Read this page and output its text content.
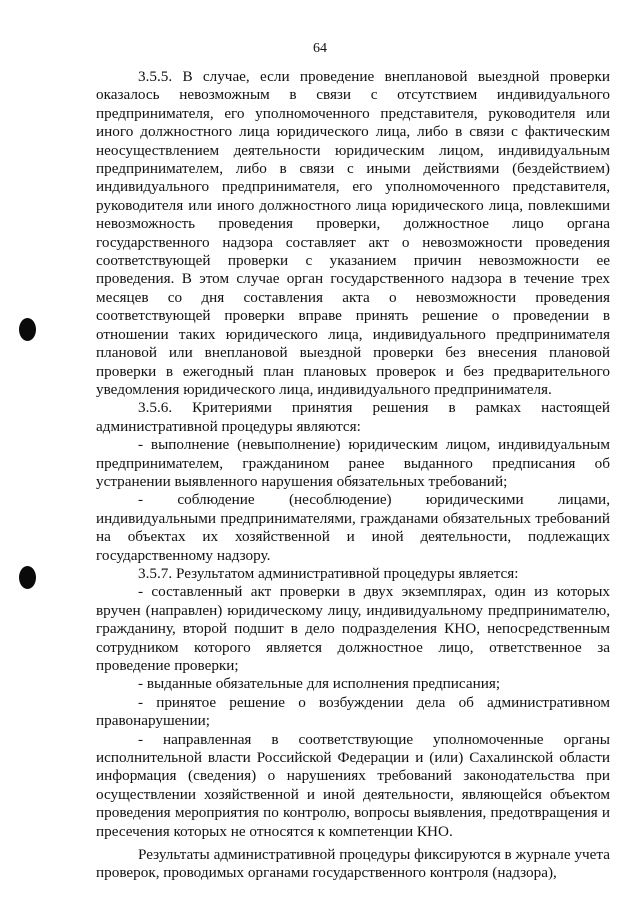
64

3.5.5. В случае, если проведение внеплановой выездной проверки оказалось невозможным в связи с отсутствием индивидуального предпринимателя, его уполномоченного представителя, руководителя или иного должностного лица юридического лица, либо в связи с фактическим неосуществлением деятельности юридическим лицом, индивидуальным предпринимателем, либо в связи с иными действиями (бездействием) индивидуального предпринимателя, его уполномоченного представителя, руководителя или иного должностного лица юридического лица, повлекшими невозможность проведения проверки, должностное лицо органа государственного надзора составляет акт о невозможности проведения соответствующей проверки с указанием причин невозможности ее проведения. В этом случае орган государственного надзора в течение трех месяцев со дня составления акта о невозможности проведения соответствующей проверки вправе принять решение о проведении в отношении таких юридического лица, индивидуального предпринимателя плановой или внеплановой выездной проверки без внесения плановой проверки в ежегодный план плановых проверок и без предварительного уведомления юридического лица, индивидуального предпринимателя.

3.5.6. Критериями принятия решения в рамках настоящей административной процедуры являются:

- выполнение (невыполнение) юридическим лицом, индивидуальным предпринимателем, гражданином ранее выданного предписания об устранении выявленного нарушения обязательных требований;

- соблюдение (несоблюдение) юридическими лицами, индивидуальными предпринимателями, гражданами обязательных требований на объектах их хозяйственной и иной деятельности, подлежащих государственному надзору.

3.5.7. Результатом административной процедуры является:

- составленный акт проверки в двух экземплярах, один из которых вручен (направлен) юридическому лицу, индивидуальному предпринимателю, гражданину, второй подшит в дело подразделения КНО, непосредственным сотрудником которого является должностное лицо, ответственное за проведение проверки;

- выданные обязательные для исполнения предписания;

- принятое решение о возбуждении дела об административном правонарушении;

- направленная в соответствующие уполномоченные органы исполнительной власти Российской Федерации и (или) Сахалинской области информация (сведения) о нарушениях требований законодательства при осуществлении хозяйственной и иной деятельности, являющейся объектом проведения мероприятия по контролю, вопросы выявления, предотвращения и пресечения которых не относятся к компетенции КНО.

Результаты административной процедуры фиксируются в журнале учета проверок, проводимых органами государственного контроля (надзора),
